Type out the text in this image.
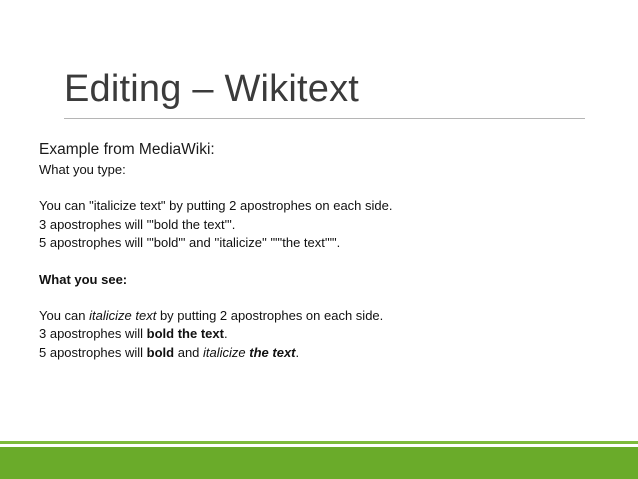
Editing – Wikitext
Example from MediaWiki:
What you type:
You can "italicize text" by putting 2 apostrophes on each side.
3 apostrophes will '"bold the text'".
5 apostrophes will '"bold"' and ''italicize'' ""'the text'"".
What you see:
You can italicize text by putting 2 apostrophes on each side.
3 apostrophes will bold the text.
5 apostrophes will bold and italicize the text.
